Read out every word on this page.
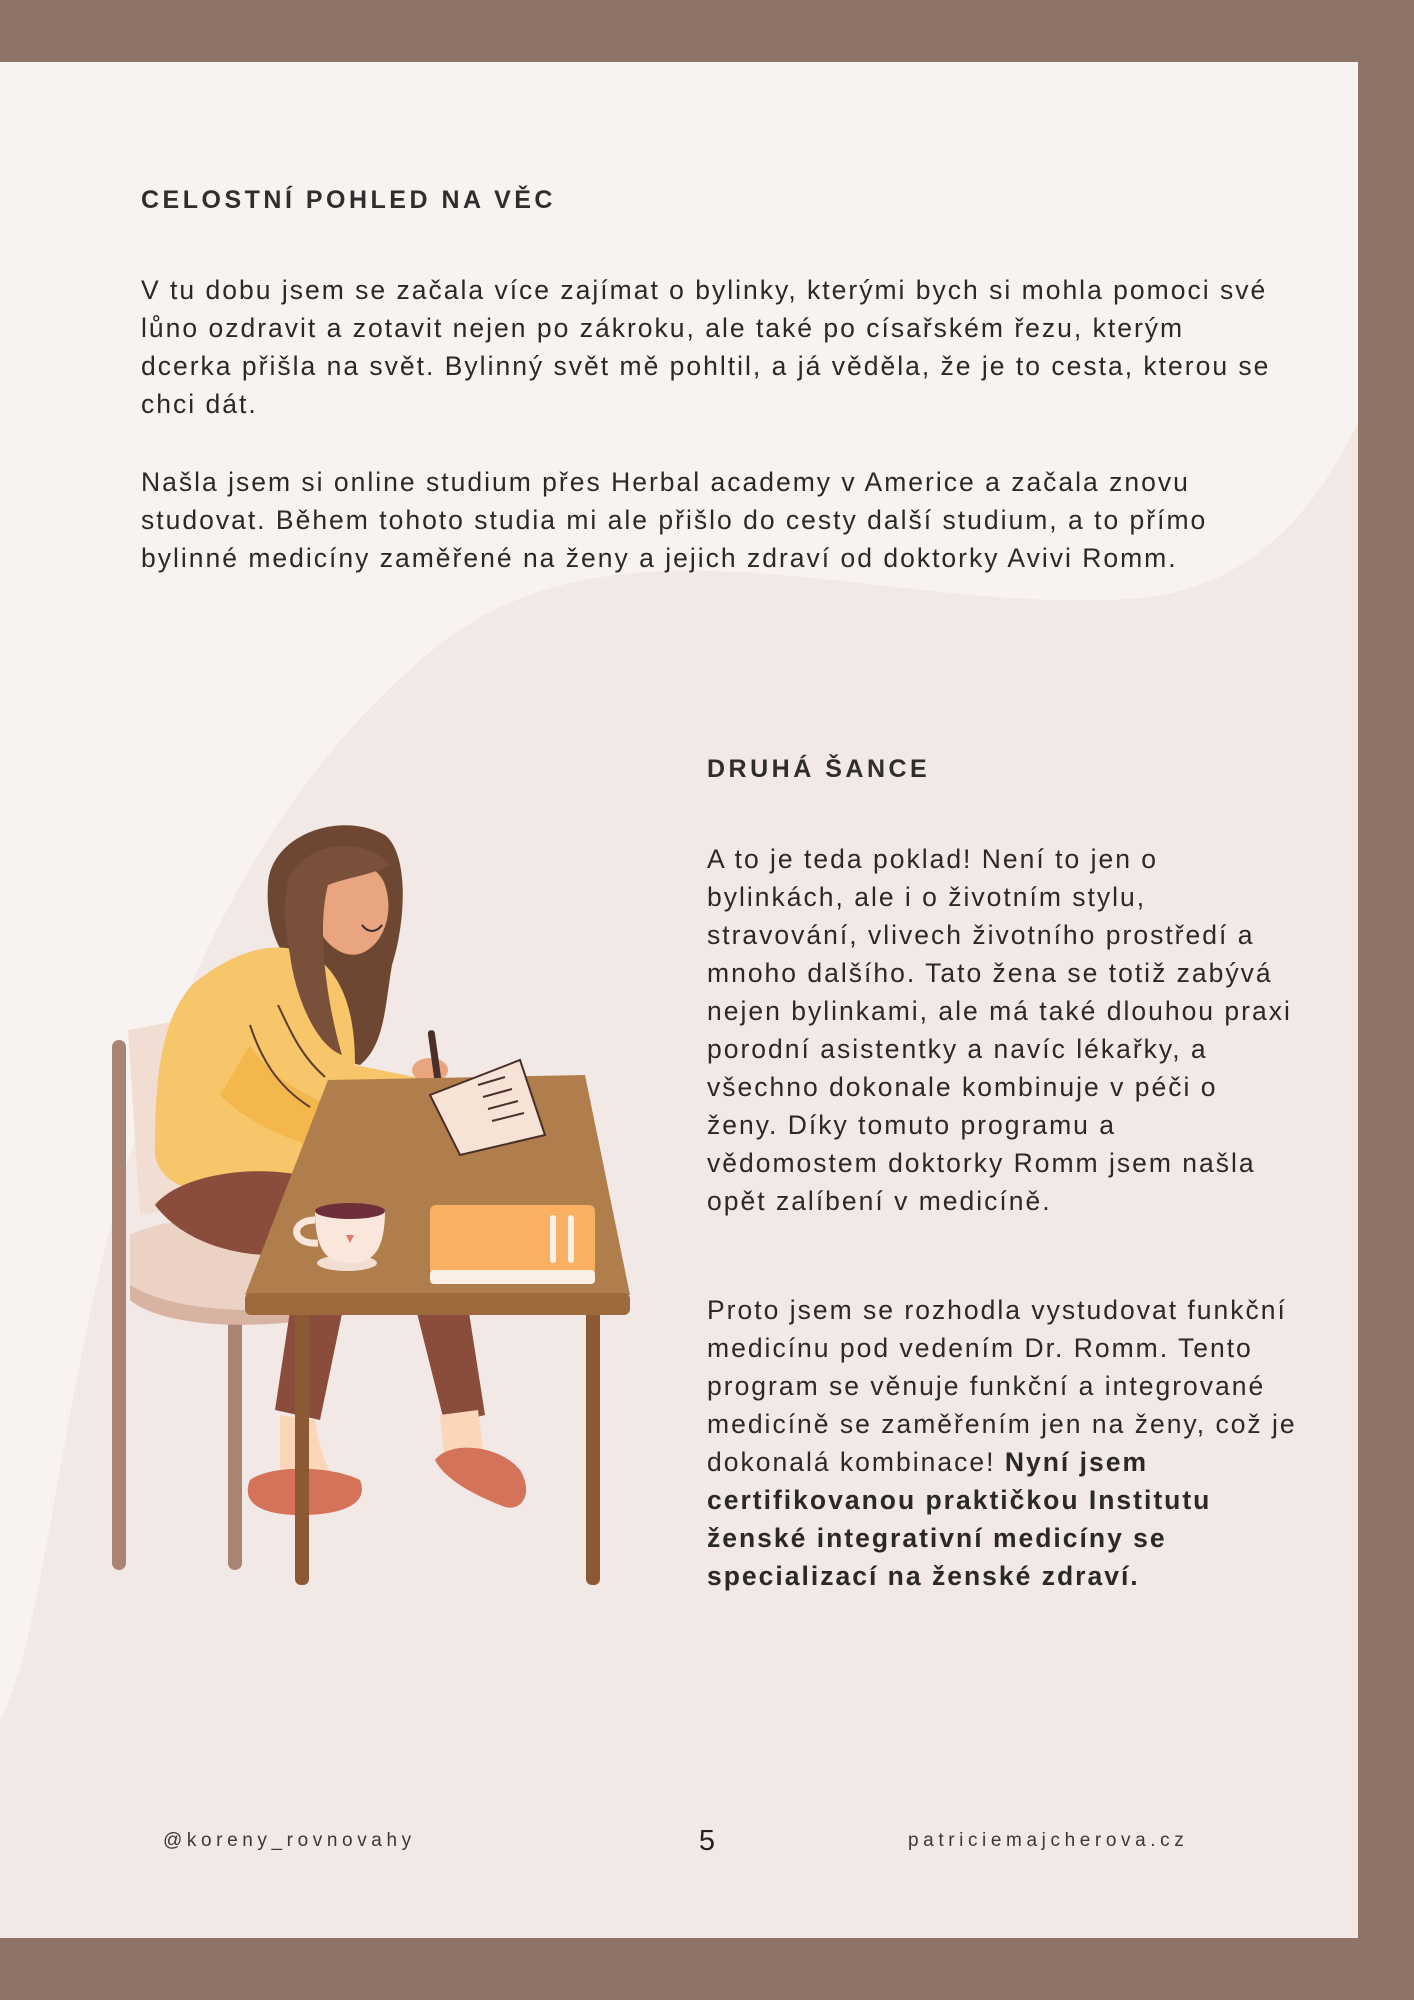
CELOSTNÍ POHLED NA VĚC

V tu dobu jsem se začala více zajímat o bylinky, kterými bych si mohla pomoci své lůno ozdravit a zotavit nejen po zákroku, ale také po císařském řezu, kterým dcerka přišla na svět. Bylinný svět mě pohltil, a já věděla, že je to cesta, kterou se chci dát.

Našla jsem si online studium přes Herbal academy v Americe a začala znovu studovat. Během tohoto studia mi ale přišlo do cesty další studium, a to přímo bylinné medicíny zaměřené na ženy a jejich zdraví od doktorky Avivi Romm.

DRUHÁ ŠANCE

A to je teda poklad! Není to jen o bylinkách, ale i o životním stylu, stravování, vlivech životního prostředí a mnoho dalšího. Tato žena se totiž zabývá nejen bylinkami, ale má také dlouhou praxi porodní asistentky a navíc lékařky, a všechno dokonale kombinuje v péči o ženy. Díky tomuto programu a vědomostem doktorky Romm jsem našla opět zalíbení v medicíně.

Proto jsem se rozhodla vystudovat funkční medicínu pod vedením Dr. Romm. Tento program se věnuje funkční a integrované medicíně se zaměřením jen na ženy, což je dokonalá kombinace! Nyní jsem certifikovanou praktičkou Institutu ženské integrativní medicíny se specializací na ženské zdraví.

@koreny_rovnovahy	5	patriciemajcherova.cz
